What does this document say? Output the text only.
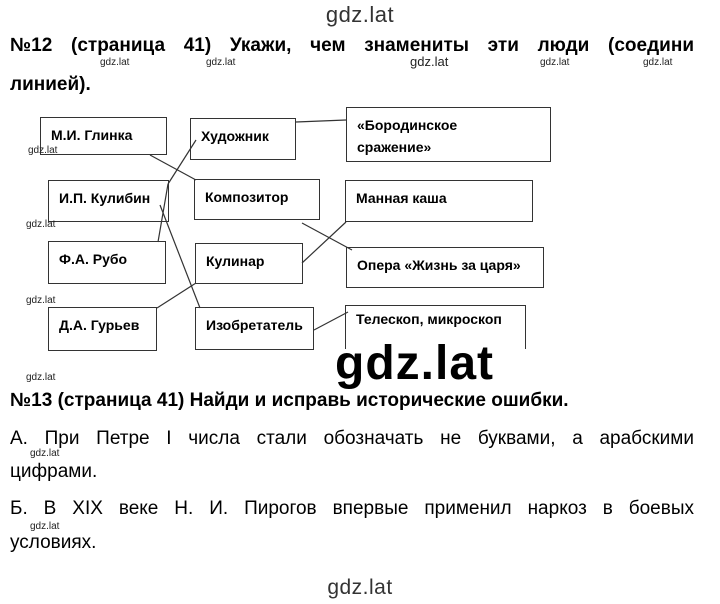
gdz.lat
gdz.lat
№12 (страница 41) Укажи, чем знамениты эти люди (соедини
линией).
gdz.lat	gdz.lat	gdz.lat	gdz.lat	gdz.lat
М.И. Глинка
И.П. Кулибин
Ф.А. Рубо
Д.А. Гурьев
Художник
Композитор
Кулинар
Изобретатель
«Бородинское сражение»
Манная каша
Опера «Жизнь за царя»
Телескоп, микроскоп
gdz.lat
gdz.lat
gdz.lat
gdz.lat	gdz.lat
№13 (страница 41) Найди и исправь исторические ошибки.
А. При Петре I числа стали обозначать не буквами, а арабскими
цифрами.
gdz.lat
Б. В XIX веке Н. И. Пирогов впервые применил наркоз в боевых
условиях.
gdz.lat
